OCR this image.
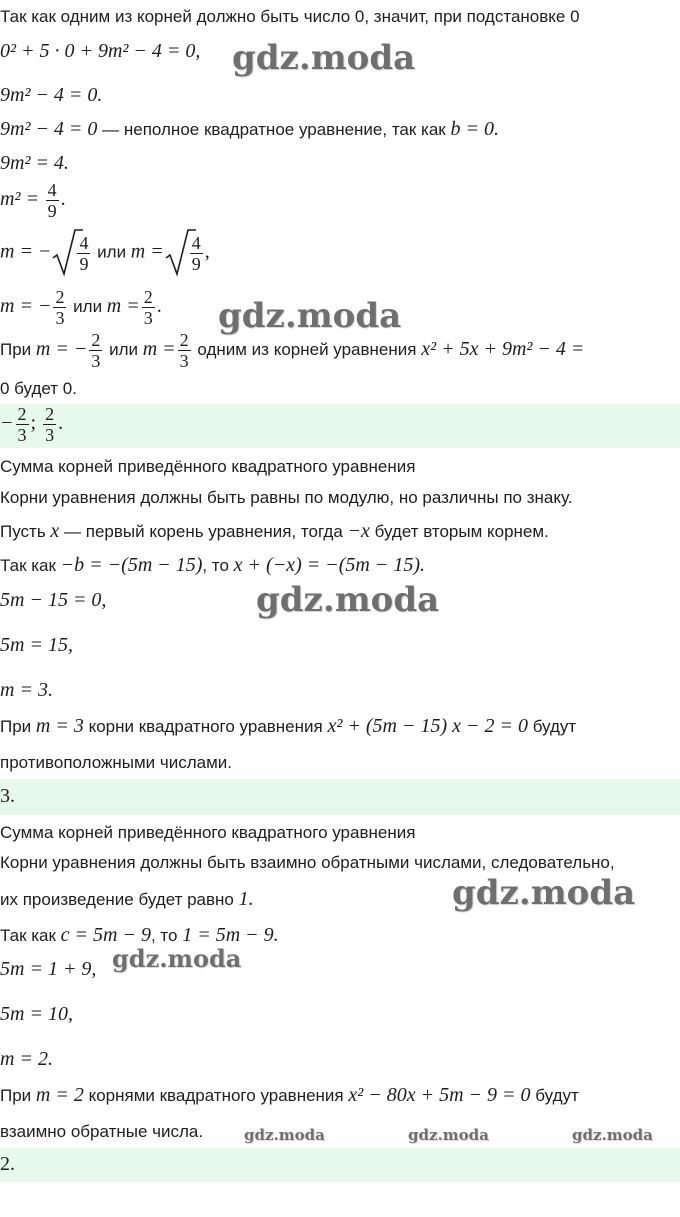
Так как одним из корней должно быть число 0, значит, при подстановке 0
0² + 5 · 0 + 9m² − 4 = 0,
9m² − 4 = 0.
9m² − 4 = 0 — неполное квадратное уравнение, так как b = 0.
9m² = 4.
$m^2 = \frac{4}{9}$ .
m = − $\frac{4}{9}$ или $m = \frac{4}{9}$ ,
m = − $\frac{2}{3}$ или $m = \frac{2}{3}$ .
При m = − $\frac{2}{3}$ или $m = \frac{2}{3}$ одним из корней уравнения x² + 5x + 9m² − 4 =
0 будет 0.
− $\frac{2}{3}$ ; $\frac{2}{3}$ .
Сумма корней приведённого квадратного уравнения
Корни уравнения должны быть равны по модулю, но различны по знаку.
Пусть x — первый корень уравнения, тогда −x будет вторым корнем.
Так как −b = −(5m − 15), то x + (−x) = −(5m − 15).
5m − 15 = 0,
5m = 15,
m = 3.
При m = 3 корни квадратного уравнения x² + (5m − 15) x − 2 = 0 будут
противоположными числами.
3.
Сумма корней приведённого квадратного уравнения
Корни уравнения должны быть взаимно обратными числами, следовательно,
их произведение будет равно 1.
Так как c = 5m − 9, то 1 = 5m − 9.
5m = 1 + 9,
5m = 10,
m = 2.
При m = 2 корнями квадратного уравнения x² − 80x + 5m − 9 = 0 будут
взаимно обратные числа.
2.
gdz.moda
gdz.moda
gdz.moda
gdz.moda
gdz.moda
gdz.moda	gdz.moda	gdz.moda
